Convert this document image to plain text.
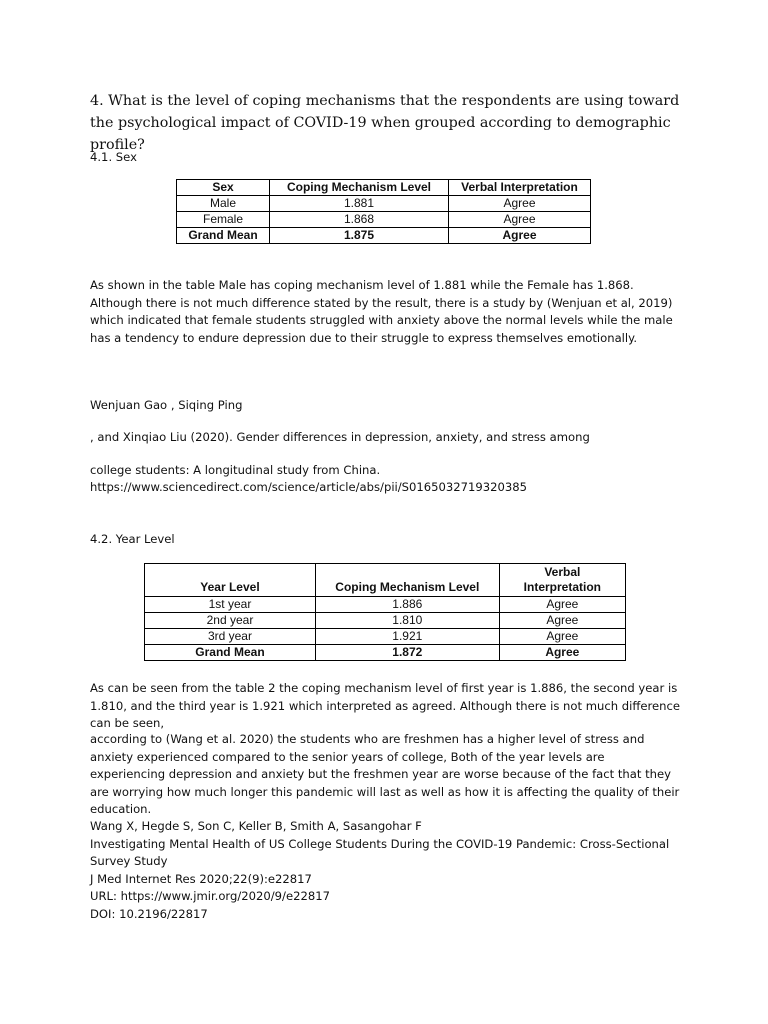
4. What is the level of coping mechanisms that the respondents are using toward the psychological impact of COVID-19 when grouped according to demographic profile?
4.1. Sex
Sex	Coping Mechanism Level	Verbal Interpretation
Male	1.881	Agree
Female	1.868	Agree
Grand Mean	1.875	Agree
As shown in the table Male has coping mechanism level of 1.881 while the Female has 1.868. Although there is not much difference stated by the result, there is a study by (Wenjuan et al, 2019) which indicated that female students struggled with anxiety above the normal levels while the male has a tendency to endure depression due to their struggle to express themselves emotionally.
Wenjuan Gao , Siqing Ping
, and Xinqiao Liu (2020). Gender differences in depression, anxiety, and stress among
college students: A longitudinal study from China.
https://www.sciencedirect.com/science/article/abs/pii/S0165032719320385
4.2. Year Level
Year Level	Coping Mechanism Level	Verbal Interpretation
1st year	1.886	Agree
2nd year	1.810	Agree
3rd year	1.921	Agree
Grand Mean	1.872	Agree
As can be seen from the table 2 the coping mechanism level of first year is 1.886, the second year is 1.810, and the third year is 1.921 which interpreted as agreed. Although there is not much difference can be seen,
according to (Wang et al. 2020) the students who are freshmen has a higher level of stress and anxiety experienced compared to the senior years of college, Both of the year levels are experiencing depression and anxiety but the freshmen year are worse because of the fact that they are worrying how much longer this pandemic will last as well as how it is affecting the quality of their education.
Wang X, Hegde S, Son C, Keller B, Smith A, Sasangohar F
Investigating Mental Health of US College Students During the COVID-19 Pandemic: Cross-Sectional Survey Study
J Med Internet Res 2020;22(9):e22817
URL: https://www.jmir.org/2020/9/e22817
DOI: 10.2196/22817
